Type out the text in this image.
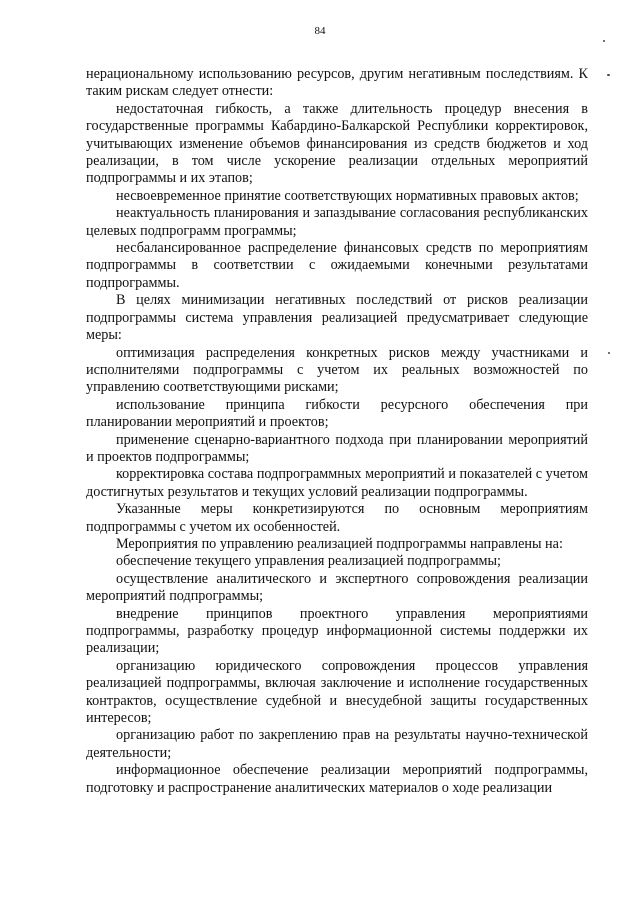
84

нерациональному использованию ресурсов, другим негативным последствиям. К таким рискам следует отнести:

недостаточная гибкость, а также длительность процедур внесения в государственные программы Кабардино-Балкарской Республики корректировок, учитывающих изменение объемов финансирования из средств бюджетов и ход реализации, в том числе ускорение реализации отдельных мероприятий подпрограммы и их этапов;

несвоевременное принятие соответствующих нормативных правовых актов;

неактуальность планирования и запаздывание согласования республиканских целевых подпрограмм программы;

несбалансированное распределение финансовых средств по мероприятиям подпрограммы в соответствии с ожидаемыми конечными результатами подпрограммы.

В целях минимизации негативных последствий от рисков реализации подпрограммы система управления реализацией предусматривает следующие меры:

оптимизация распределения конкретных рисков между участниками и исполнителями подпрограммы с учетом их реальных возможностей по управлению соответствующими рисками;

использование принципа гибкости ресурсного обеспечения при планировании мероприятий и проектов;

применение сценарно-вариантного подхода при планировании мероприятий и проектов подпрограммы;

корректировка состава подпрограммных мероприятий и показателей с учетом достигнутых результатов и текущих условий реализации подпрограммы.

Указанные меры конкретизируются по основным мероприятиям подпрограммы с учетом их особенностей.

Мероприятия по управлению реализацией подпрограммы направлены на:

обеспечение текущего управления реализацией подпрограммы;

осуществление аналитического и экспертного сопровождения реализации мероприятий подпрограммы;

внедрение принципов проектного управления мероприятиями подпрограммы, разработку процедур информационной системы поддержки их реализации;

организацию юридического сопровождения процессов управления реализацией подпрограммы, включая заключение и исполнение государственных контрактов, осуществление судебной и внесудебной защиты государственных интересов;

организацию работ по закреплению прав на результаты научно-технической деятельности;

информационное обеспечение реализации мероприятий подпрограммы, подготовку и распространение аналитических материалов о ходе реализации
